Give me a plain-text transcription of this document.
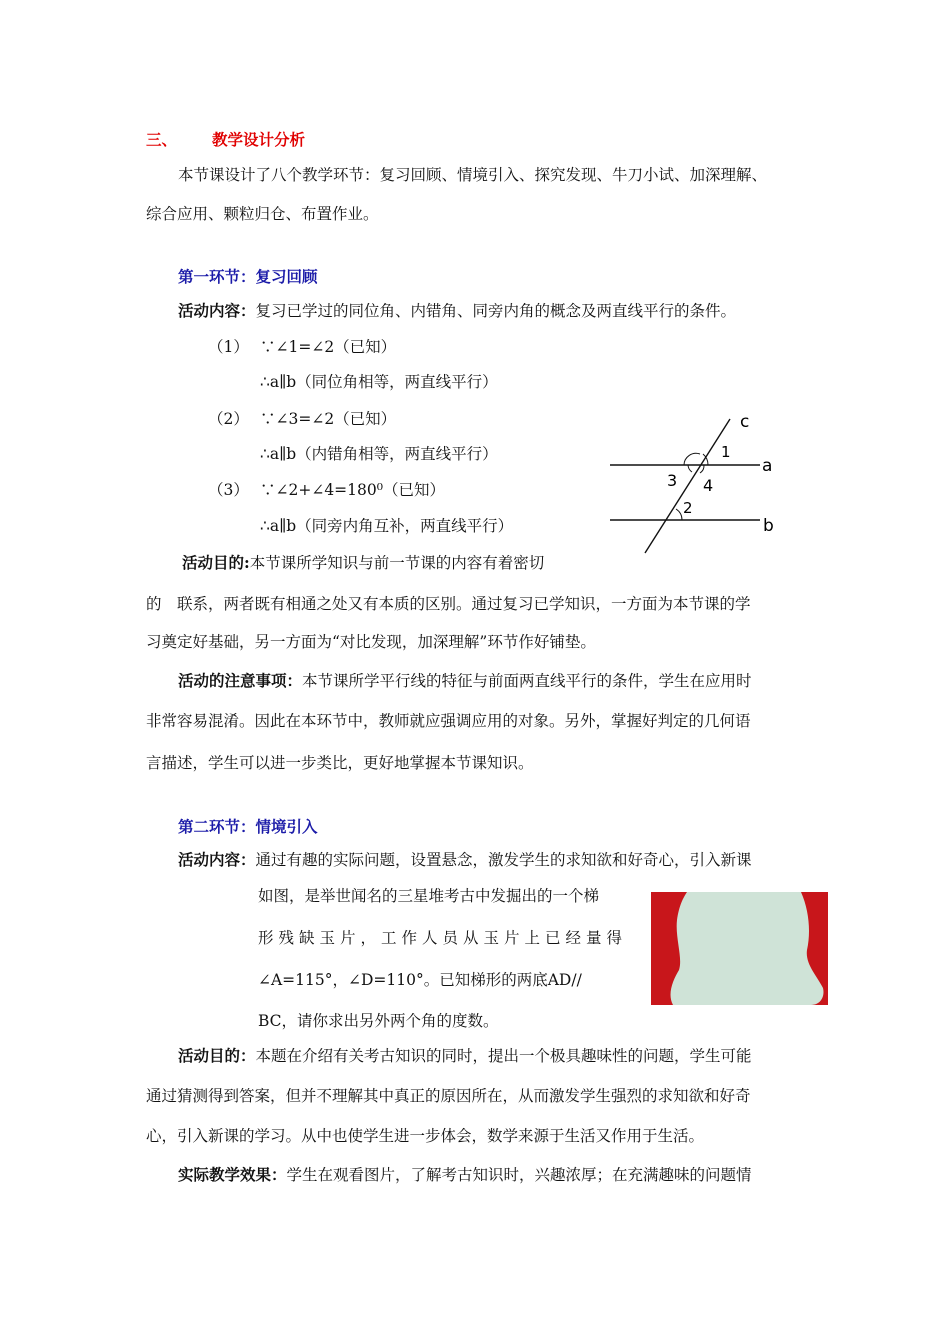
三、 教学设计分析
本节课设计了八个教学环节：复习回顾、情境引入、探究发现、牛刀小试、加深理解、
综合应用、颗粒归仓、布置作业。
第一环节：复习回顾
活动内容：复习已学过的同位角、内错角、同旁内角的概念及两直线平行的条件。
（1） ∵∠1=∠2（已知）
∴a∥b（同位角相等，两直线平行）
（2） ∵∠3=∠2（已知）
∴a∥b（内错角相等，两直线平行）
（3） ∵∠2+∠4=180⁰（已知）
∴a∥b（同旁内角互补，两直线平行）
c
1
a
3 4
2
b
活动目的:本节课所学知识与前一节课的内容有着密切
的　联系，两者既有相通之处又有本质的区别。通过复习已学知识，一方面为本节课的学
习奠定好基础，另一方面为“对比发现，加深理解”环节作好铺垫。
活动的注意事项：本节课所学平行线的特征与前面两直线平行的条件，学生在应用时
非常容易混淆。因此在本环节中，教师就应强调应用的对象。另外，掌握好判定的几何语
言描述，学生可以进一步类比，更好地掌握本节课知识。
第二环节：情境引入
活动内容：通过有趣的实际问题，设置悬念，激发学生的求知欲和好奇心，引入新课
如图，是举世闻名的三星堆考古中发掘出的一个梯
形残缺玉片，工作人员从玉片上已经量得
∠A=115°，∠D=110°。已知梯形的两底AD//
BC，请你求出另外两个角的度数。
活动目的：本题在介绍有关考古知识的同时，提出一个极具趣味性的问题，学生可能
通过猜测得到答案，但并不理解其中真正的原因所在，从而激发学生强烈的求知欲和好奇
心，引入新课的学习。从中也使学生进一步体会，数学来源于生活又作用于生活。
实际教学效果：学生在观看图片，了解考古知识时，兴趣浓厚；在充满趣味的问题情
